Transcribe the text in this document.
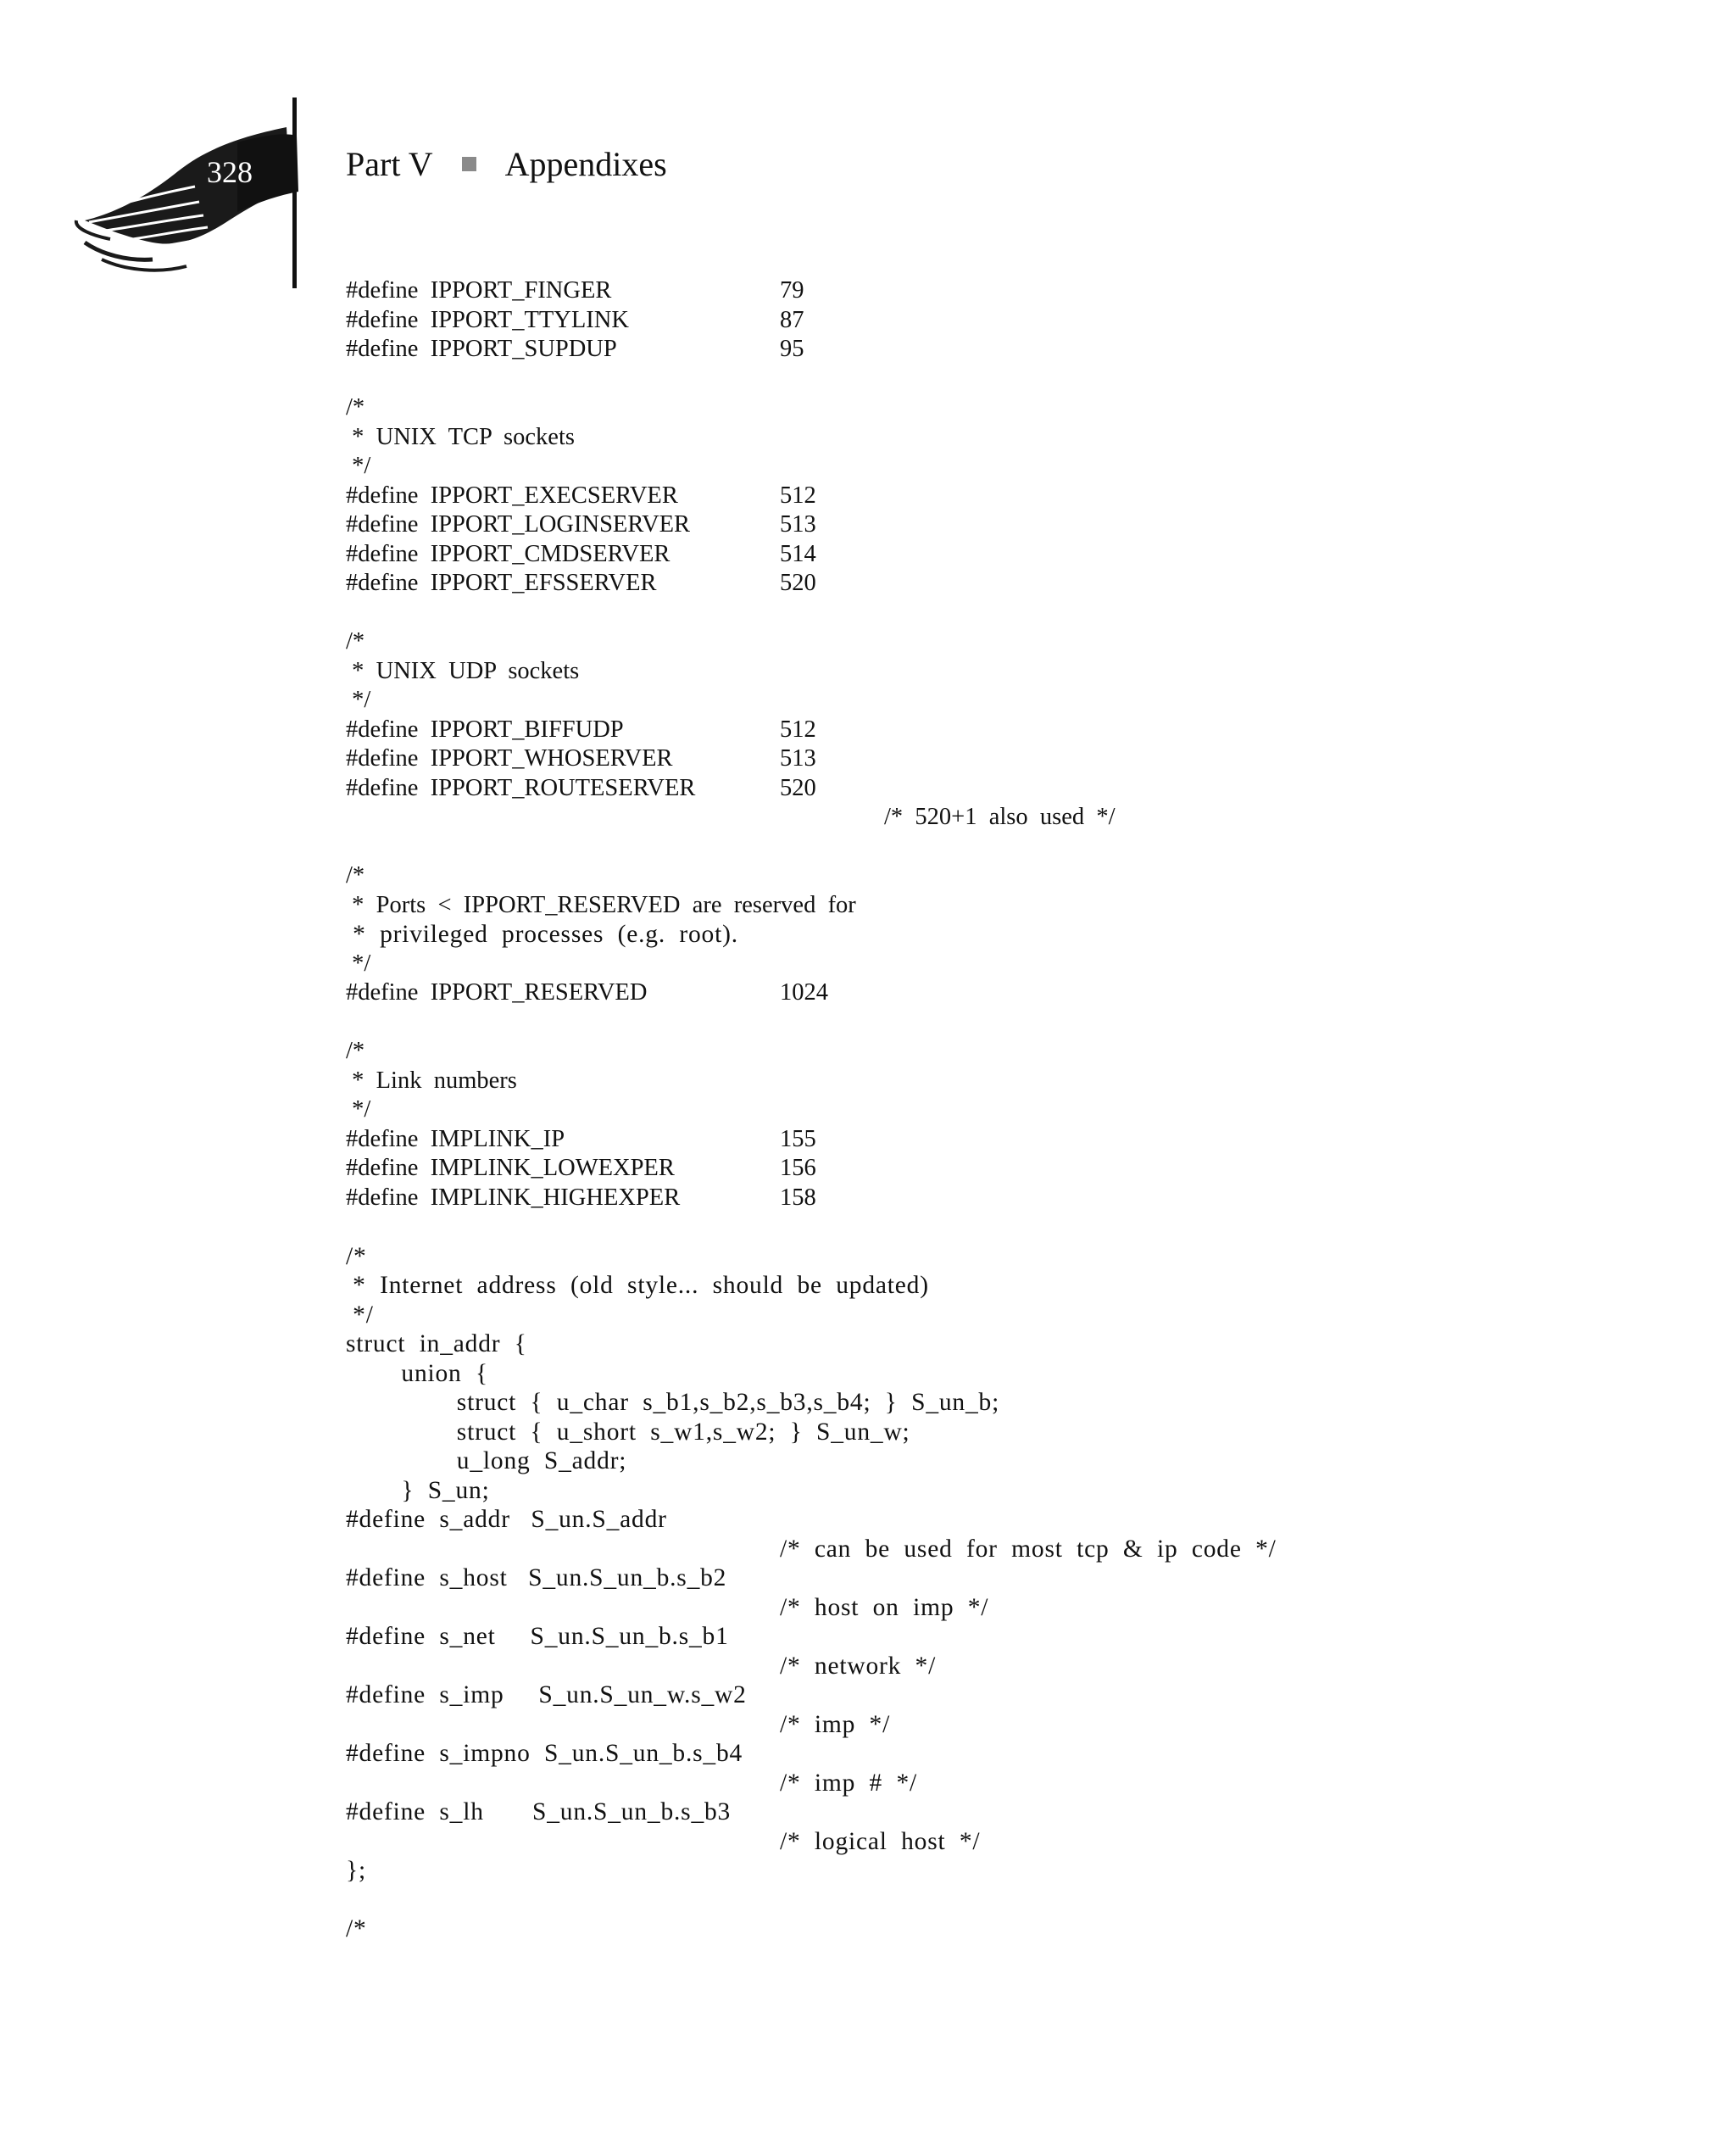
328	Part V Appendixes
#define  IPPORT_FINGER	79
#define  IPPORT_TTYLINK	87
#define  IPPORT_SUPDUP	95
/*
*  UNIX  TCP  sockets
*/
#define  IPPORT_EXECSERVER	512
#define  IPPORT_LOGINSERVER	513
#define  IPPORT_CMDSERVER	514
#define  IPPORT_EFSSERVER	520
/*
*  UNIX  UDP  sockets
*/
#define  IPPORT_BIFFUDP	512
#define  IPPORT_WHOSERVER	513
#define  IPPORT_ROUTESERVER	520
/*  520+1  also  used  */
/*
*  Ports  <  IPPORT_RESERVED  are  reserved  for
*  privileged  processes  (e.g.  root).
*/
#define  IPPORT_RESERVED	1024
/*
*  Link  numbers
*/
#define  IMPLINK_IP	155
#define  IMPLINK_LOWEXPER	156
#define  IMPLINK_HIGHEXPER	158
/*
*  Internet  address  (old  style...  should  be  updated)
*/
struct  in_addr  {
union  {
struct  {  u_char  s_b1,s_b2,s_b3,s_b4;  }  S_un_b;
struct  {  u_short  s_w1,s_w2;  }  S_un_w;
u_long  S_addr;
}  S_un;
#define  s_addr   S_un.S_addr
/*  can  be  used  for  most  tcp  &  ip  code  */
#define  s_host   S_un.S_un_b.s_b2
/*  host  on  imp  */
#define  s_net     S_un.S_un_b.s_b1
/*  network  */
#define  s_imp     S_un.S_un_w.s_w2
/*  imp  */
#define  s_impno  S_un.S_un_b.s_b4
/*  imp  #  */
#define  s_lh       S_un.S_un_b.s_b3
/*  logical  host  */
};
/*
